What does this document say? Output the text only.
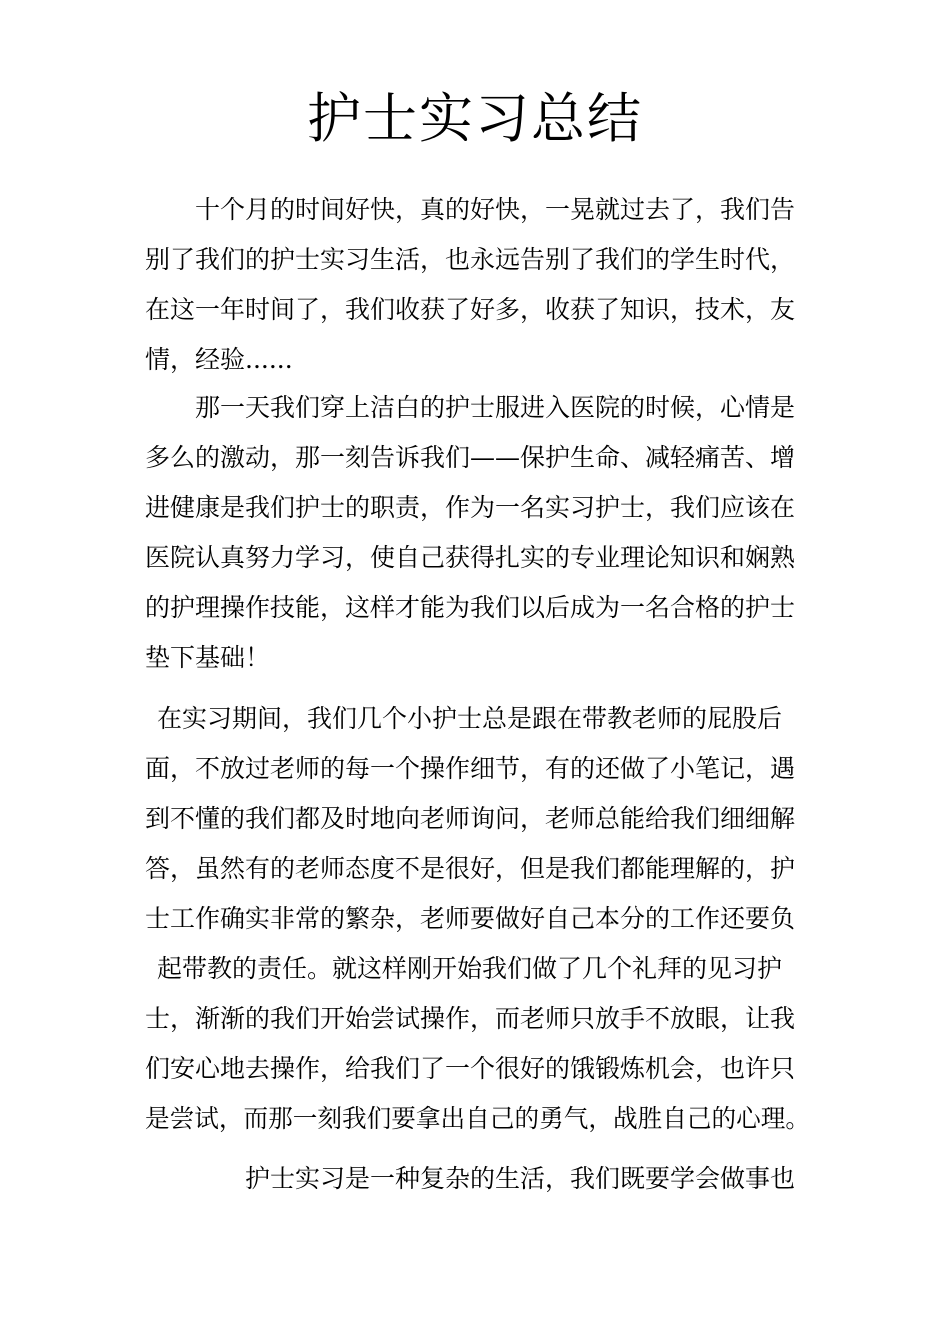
护士实习总结

十个月的时间好快，真的好快，一晃就过去了，我们告

别了我们的护士实习生活，也永远告别了我们的学生时代，

在这一年时间了，我们收获了好多，收获了知识，技术，友

情，经验......

那一天我们穿上洁白的护士服进入医院的时候，心情是

多么的激动，那一刻告诉我们——保护生命、减轻痛苦、增

进健康是我们护士的职责，作为一名实习护士，我们应该在

医院认真努力学习，使自己获得扎实的专业理论知识和娴熟

的护理操作技能，这样才能为我们以后成为一名合格的护士

垫下基础！

在实习期间，我们几个小护士总是跟在带教老师的屁股后

面，不放过老师的每一个操作细节，有的还做了小笔记，遇

到不懂的我们都及时地向老师询问，老师总能给我们细细解

答，虽然有的老师态度不是很好，但是我们都能理解的，护

士工作确实非常的繁杂，老师要做好自己本分的工作还要负

起带教的责任。就这样刚开始我们做了几个礼拜的见习护

士，渐渐的我们开始尝试操作，而老师只放手不放眼，让我

们安心地去操作，给我们了一个很好的饿锻炼机会，也许只

是尝试，而那一刻我们要拿出自己的勇气，战胜自己的心理。

护士实习是一种复杂的生活，我们既要学会做事也
